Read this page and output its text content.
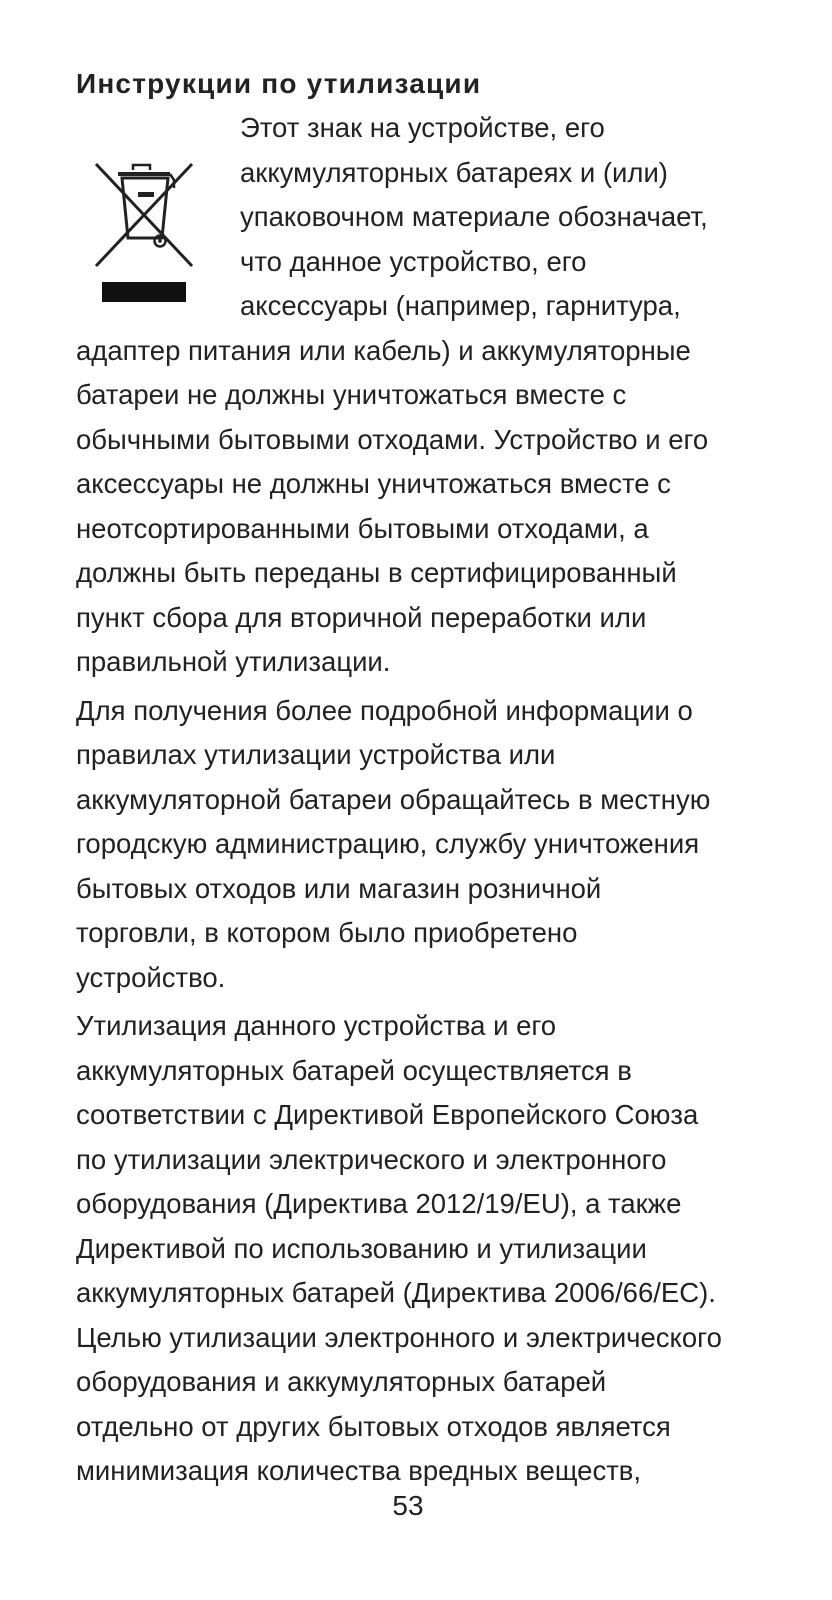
Инструкции по утилизации
Этот знак на устройстве, его
аккумуляторных батареях и (или)
упаковочном материале обозначает,
что данное устройство, его
аксессуары (например, гарнитура,
адаптер питания или кабель) и аккумуляторные
батареи не должны уничтожаться вместе с
обычными бытовыми отходами. Устройство и его
аксессуары не должны уничтожаться вместе с
неотсортированными бытовыми отходами, а
должны быть переданы в сертифицированный
пункт сбора для вторичной переработки или
правильной утилизации.
Для получения более подробной информации о
правилах утилизации устройства или
аккумуляторной батареи обращайтесь в местную
городскую администрацию, службу уничтожения
бытовых отходов или магазин розничной
торговли, в котором было приобретено
устройство.
Утилизация данного устройства и его
аккумуляторных батарей осуществляется в
соответствии с Директивой Европейского Союза
по утилизации электрического и электронного
оборудования (Директива 2012/19/EU), а также
Директивой по использованию и утилизации
аккумуляторных батарей (Директива 2006/66/EC).
Целью утилизации электронного и электрического
оборудования и аккумуляторных батарей
отдельно от других бытовых отходов является
минимизация количества вредных веществ,
53
